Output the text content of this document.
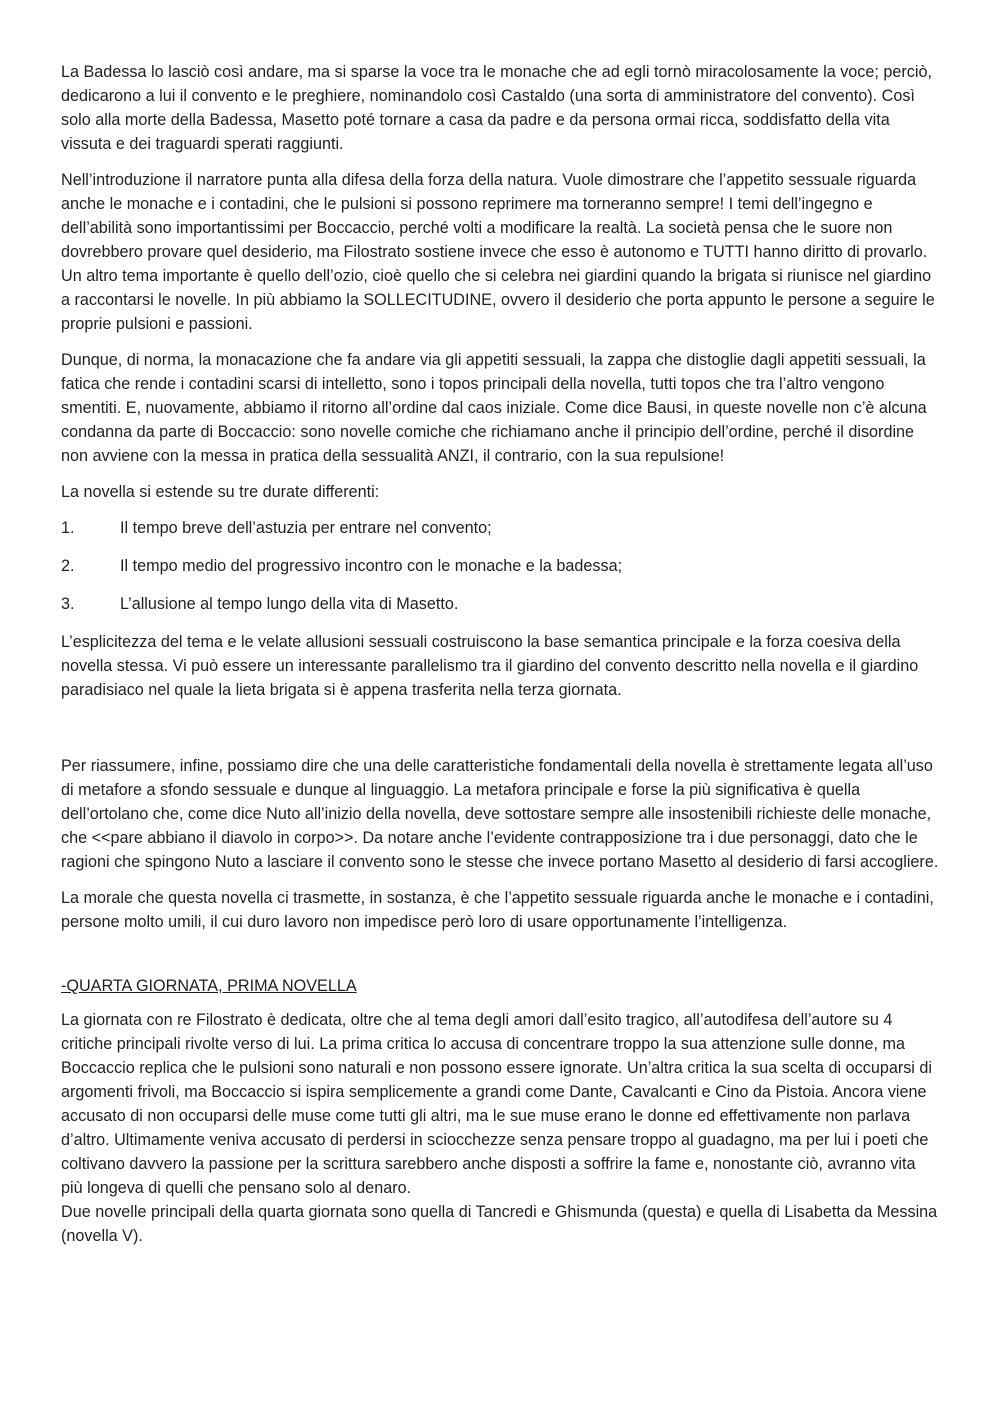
La Badessa lo lasciò così andare, ma si sparse la voce tra le monache che ad egli tornò miracolosamente la voce; perciò, dedicarono a lui il convento e le preghiere, nominandolo così Castaldo (una sorta di amministratore del convento). Così solo alla morte della Badessa, Masetto poté tornare a casa da padre e da persona ormai ricca, soddisfatto della vita vissuta e dei traguardi sperati raggiunti.

Nell’introduzione il narratore punta alla difesa della forza della natura. Vuole dimostrare che l’appetito sessuale riguarda anche le monache e i contadini, che le pulsioni si possono reprimere ma torneranno sempre! I temi dell’ingegno e dell’abilità sono importantissimi per Boccaccio, perché volti a modificare la realtà. La società pensa che le suore non dovrebbero provare quel desiderio, ma Filostrato sostiene invece che esso è autonomo e TUTTI hanno diritto di provarlo. Un altro tema importante è quello dell’ozio, cioè quello che si celebra nei giardini quando la brigata si riunisce nel giardino a raccontarsi le novelle. In più abbiamo la SOLLECITUDINE, ovvero il desiderio che porta appunto le persone a seguire le proprie pulsioni e passioni.

Dunque, di norma, la monacazione che fa andare via gli appetiti sessuali, la zappa che distoglie dagli appetiti sessuali, la fatica che rende i contadini scarsi di intelletto, sono i topos principali della novella, tutti topos che tra l’altro vengono smentiti. E, nuovamente, abbiamo il ritorno all’ordine dal caos iniziale. Come dice Bausi, in queste novelle non c’è alcuna condanna da parte di Boccaccio: sono novelle comiche che richiamano anche il principio dell’ordine, perché il disordine non avviene con la messa in pratica della sessualità ANZI, il contrario, con la sua repulsione!

La novella si estende su tre durate differenti:

1.	Il tempo breve dell’astuzia per entrare nel convento;
2.	Il tempo medio del progressivo incontro con le monache e la badessa;
3.	L’allusione al tempo lungo della vita di Masetto.

L’esplicitezza del tema e le velate allusioni sessuali costruiscono la base semantica principale e la forza coesiva della novella stessa. Vi può essere un interessante parallelismo tra il giardino del convento descritto nella novella e il giardino paradisiaco nel quale la lieta brigata si è appena trasferita nella terza giornata.

Per riassumere, infine, possiamo dire che una delle caratteristiche fondamentali della novella è strettamente legata all’uso di metafore a sfondo sessuale e dunque al linguaggio. La metafora principale e forse la più significativa è quella dell’ortolano che, come dice Nuto all’inizio della novella, deve sottostare sempre alle insostenibili richieste delle monache, che <<pare abbiano il diavolo in corpo>>. Da notare anche l’evidente contrapposizione tra i due personaggi, dato che le ragioni che spingono Nuto a lasciare il convento sono le stesse che invece portano Masetto al desiderio di farsi accogliere.

La morale che questa novella ci trasmette, in sostanza, è che l’appetito sessuale riguarda anche le monache e i contadini, persone molto umili, il cui duro lavoro non impedisce però loro di usare opportunamente l’intelligenza.

-QUARTA GIORNATA, PRIMA NOVELLA

La giornata con re Filostrato è dedicata, oltre che al tema degli amori dall’esito tragico, all’autodifesa dell’autore su 4 critiche principali rivolte verso di lui. La prima critica lo accusa di concentrare troppo la sua attenzione sulle donne, ma Boccaccio replica che le pulsioni sono naturali e non possono essere ignorate. Un’altra critica la sua scelta di occuparsi di argomenti frivoli, ma Boccaccio si ispira semplicemente a grandi come Dante, Cavalcanti e Cino da Pistoia. Ancora viene accusato di non occuparsi delle muse come tutti gli altri, ma le sue muse erano le donne ed effettivamente non parlava d’altro. Ultimamente veniva accusato di perdersi in sciocchezze senza pensare troppo al guadagno, ma per lui i poeti che coltivano davvero la passione per la scrittura sarebbero anche disposti a soffrire la fame e, nonostante ciò, avranno vita più longeva di quelli che pensano solo al denaro.

Due novelle principali della quarta giornata sono quella di Tancredi e Ghismunda (questa) e quella di Lisabetta da Messina (novella V).
